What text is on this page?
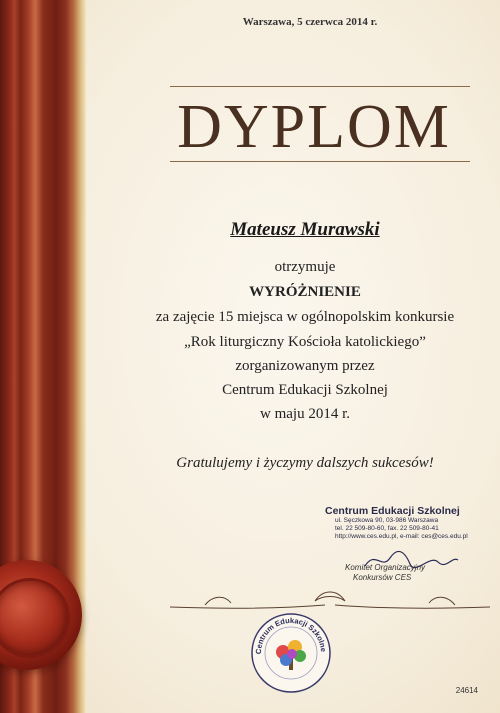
Warszawa, 5 czerwca 2014 r.
DYPLOM
Mateusz Murawski
otrzymuje
WYRÓŻNIENIE
za zajęcie 15 miejsca w ogólnopolskim konkursie
„Rok liturgiczny Kościoła katolickiego”
zorganizowanym przez
Centrum Edukacji Szkolnej
w maju 2014 r.
Gratulujemy i życzymy dalszych sukcesów!
Centrum Edukacji Szkolnej
ul. Sęczkowa 90, 03-986 Warszawa
tel. 22 509-80-60, fax. 22 509-80-41
http://www.ces.edu.pl, e-mail: ces@ces.edu.pl
Komitet Organizacyjny
Konkursów CES
Centrum Edukacji Szkolne
24614
